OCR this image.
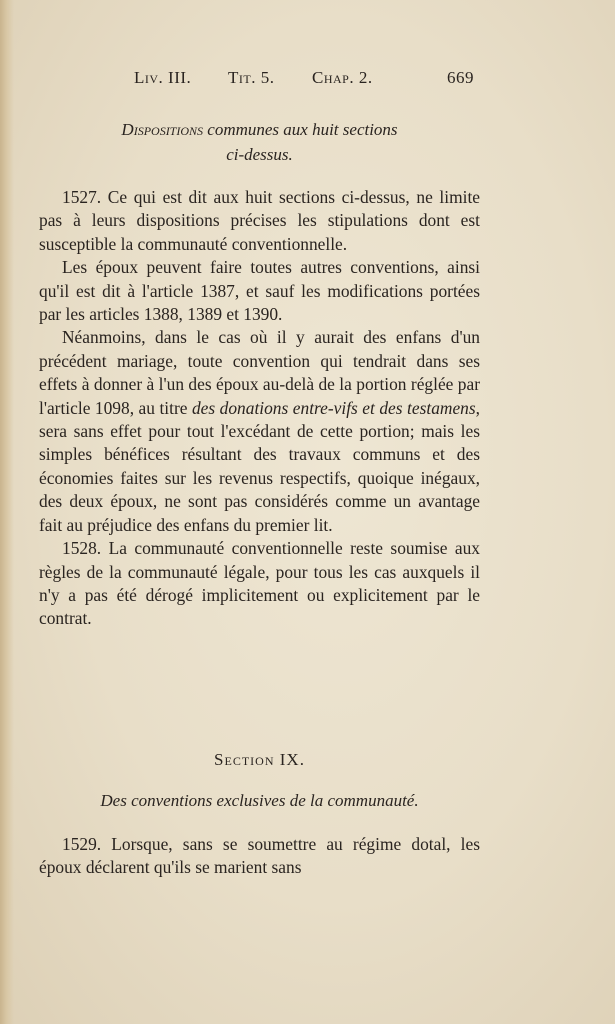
Liv. III. Tit. 5. Chap. 2.	669
Dispositions communes aux huit sections
ci-dessus.

1527. Ce qui est dit aux huit sections ci-dessus, ne limite pas à leurs dispositions précises les stipulations dont est susceptible la communauté conventionnelle.

Les époux peuvent faire toutes autres conventions, ainsi qu'il est dit à l'article 1387, et sauf les modifications portées par les articles 1388, 1389 et 1390.

Néanmoins, dans le cas où il y aurait des enfans d'un précédent mariage, toute convention qui tendrait dans ses effets à donner à l'un des époux au-delà de la portion réglée par l'article 1098, au titre des donations entre-vifs et des testamens, sera sans effet pour tout l'excédant de cette portion; mais les simples bénéfices résultant des travaux communs et des économies faites sur les revenus respectifs, quoique inégaux, des deux époux, ne sont pas considérés comme un avantage fait au préjudice des enfans du premier lit.

1528. La communauté conventionnelle reste soumise aux règles de la communauté légale, pour tous les cas auxquels il n'y a pas été dérogé implicitement ou explicitement par le contrat.

Section IX.
Des conventions exclusives de la communauté.

1529. Lorsque, sans se soumettre au régime dotal, les époux déclarent qu'ils se marient sans
